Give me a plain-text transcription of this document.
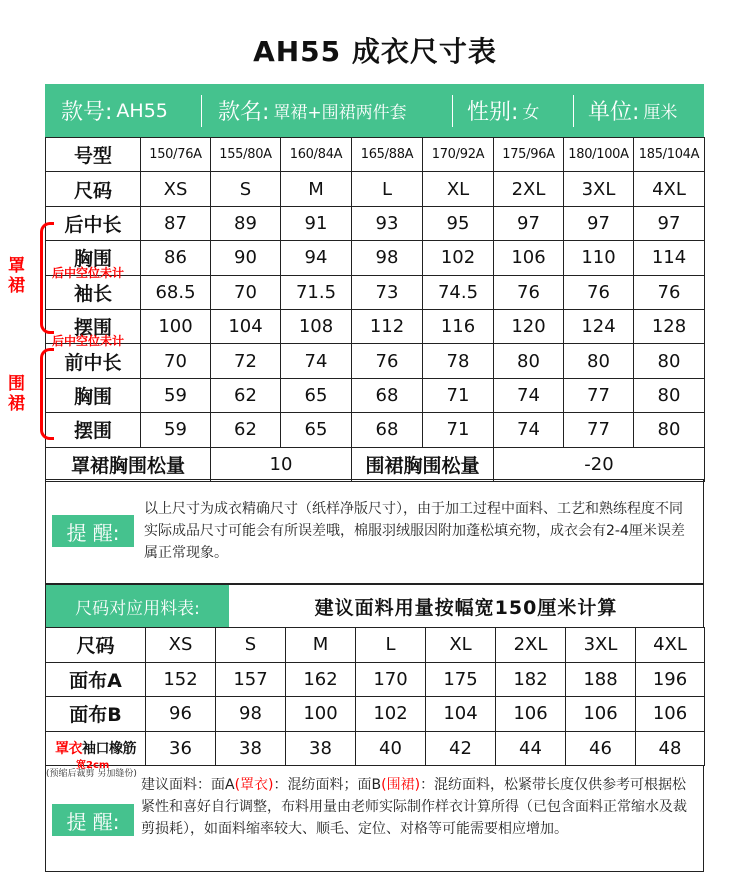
AH55 成衣尺寸表
款号: AH55 款名: 罩裙+围裙两件套	性别: 女 单位: 厘米
号型	150/76A	155/80A	160/84A	165/88A	170/92A	175/96A	180/100A	185/104A
尺码	XS	S	M	L	XL	2XL	3XL	4XL
后中长	87	89	91	93	95	97	97	97
胸围	86	90	94	98	102	106	110	114
袖长	68.5	70	71.5	73	74.5	76	76	76
摆围	100	104	108	112	116	120	124	128
前中长	70	72	74	76	78	80	80	80
胸围	59	62	65	68	71	74	77	80
摆围	59	62	65	68	71	74	77	80
罩裙胸围松量		10		围裙胸围松量		-20		
罩裙
围裙
后中空位未计
后中空位未计
提 醒:
以上尺寸为成衣精确尺寸（纸样净版尺寸），由于加工过程中面料、工艺和熟练程度不同实际成品尺寸可能会有所误差哦，棉服羽绒服因附加蓬松填充物，成衣会有2-4厘米误差属正常现象。
尺码对应用料表:	建议面料用量按幅宽150厘米计算
尺码	XS	S	M	L	XL	2XL	3XL	4XL
面布A	152	157	162	170	175	182	188	196
面布B	96	98	100	102	104	106	106	106
罩衣袖口橡筋	36	38	38	40	42	44	46	48
宽2cm
(预缩后裁剪 另加缝份)
提 醒:
建议面料：面A(罩衣)：混纺面料；面B(围裙)：混纺面料，松紧带长度仅供参考可根据松紧性和喜好自行调整，布料用量由老师实际制作样衣计算所得（已包含面料正常缩水及裁剪损耗），如面料缩率较大、顺毛、定位、对格等可能需要相应增加。
